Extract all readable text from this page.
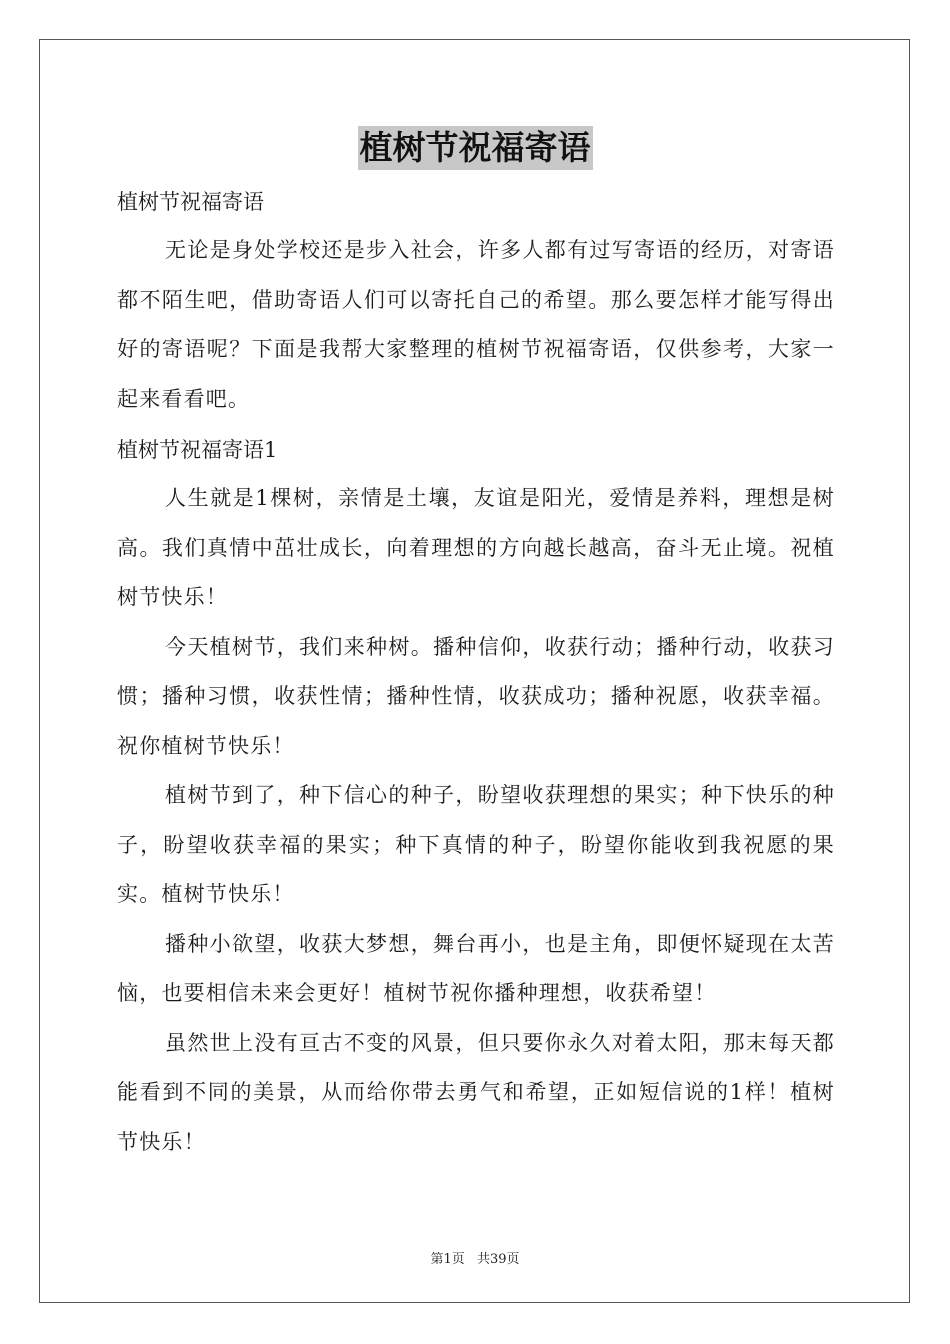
植树节祝福寄语

植树节祝福寄语

无论是身处学校还是步入社会，许多人都有过写寄语的经历，对寄语都不陌生吧，借助寄语人们可以寄托自己的希望。那么要怎样才能写得出好的寄语呢？下面是我帮大家整理的植树节祝福寄语，仅供参考，大家一起来看看吧。

植树节祝福寄语1

人生就是1棵树，亲情是土壤，友谊是阳光，爱情是养料，理想是树高。我们真情中茁壮成长，向着理想的方向越长越高，奋斗无止境。祝植树节快乐！

今天植树节，我们来种树。播种信仰，收获行动；播种行动，收获习惯；播种习惯，收获性情；播种性情，收获成功；播种祝愿，收获幸福。祝你植树节快乐！

植树节到了，种下信心的种子，盼望收获理想的果实；种下快乐的种子，盼望收获幸福的果实；种下真情的种子，盼望你能收到我祝愿的果实。植树节快乐！

播种小欲望，收获大梦想，舞台再小，也是主角，即便怀疑现在太苦恼，也要相信未来会更好！植树节祝你播种理想，收获希望！

虽然世上没有亘古不变的风景，但只要你永久对着太阳，那末每天都能看到不同的美景，从而给你带去勇气和希望，正如短信说的1样！植树节快乐！

第1页 共39页
